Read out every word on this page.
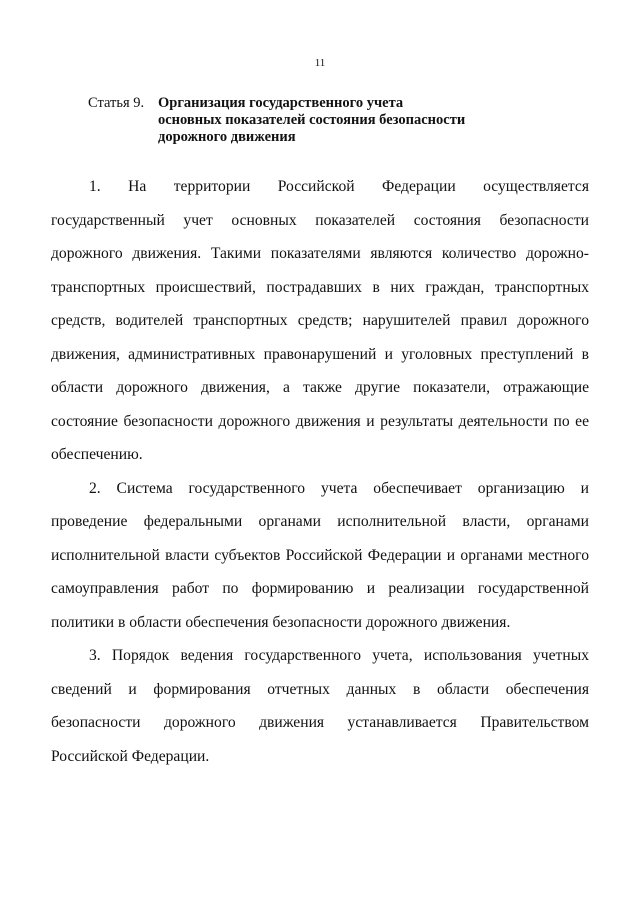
11
Статья 9. Организация государственного учета
основных показателей состояния безопасности
дорожного движения

1. На территории Российской Федерации осуществляется государственный учет основных показателей состояния безопасности дорожного движения. Такими показателями являются количество дорожно-транспортных происшествий, пострадавших в них граждан, транспортных средств, водителей транспортных средств; нарушителей правил дорожного движения, административных правонарушений и уголовных преступлений в области дорожного движения, а также другие показатели, отражающие состояние безопасности дорожного движения и результаты деятельности по ее обеспечению.

2. Система государственного учета обеспечивает организацию и проведение федеральными органами исполнительной власти, органами исполнительной власти субъектов Российской Федерации и органами местного самоуправления работ по формированию и реализации государственной политики в области обеспечения безопасности дорожного движения.

3. Порядок ведения государственного учета, использования учетных сведений и формирования отчетных данных в области обеспечения безопасности дорожного движения устанавливается Правительством Российской Федерации.
